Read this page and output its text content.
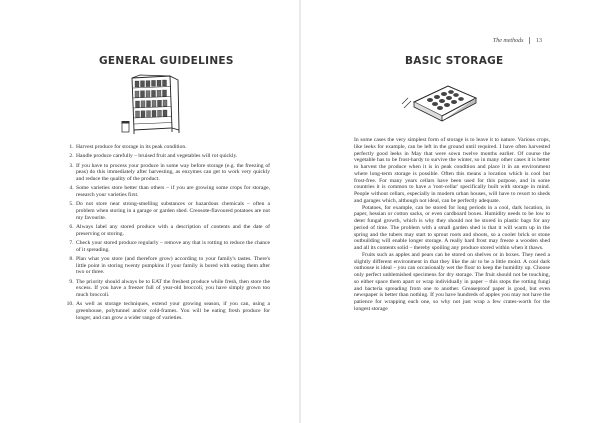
GENERAL GUIDELINES
1. Harvest produce for storage in its peak condition.
2. Handle produce carefully – bruised fruit and vegetables will rot quickly.
3. If you have to process your produce in some way before storage (e.g. the freezing of peas) do this immediately after harvesting, as enzymes can get to work very quickly and reduce the quality of the product.
4. Some varieties store better than others – if you are growing some crops for storage, research your varieties first.
5. Do not store near strong-smelling substances or hazardous chemicals – often a problem when storing in a garage or garden shed. Creosote-flavoured potatoes are not my favourite.
6. Always label any stored produce with a description of contents and the date of preserving or storing.
7. Check your stored produce regularly – remove any that is rotting to reduce the chance of it spreading.
8. Plan what you store (and therefore grow) according to your family's tastes. There's little point in storing twenty pumpkins if your family is bored with eating them after two or three.
9. The priority should always be to EAT the freshest produce while fresh, then store the excess. If you have a freezer full of year-old broccoli, you have simply grown too much broccoli.
10. As well as storage techniques, extend your growing season, if you can, using a greenhouse, polytunnel and/or cold-frames. You will be eating fresh produce for longer, and can grow a wider range of varieties.
The methods 13
BASIC STORAGE

In some cases the very simplest form of storage is to leave it to nature. Various crops, like leeks for example, can be left in the ground until required. I have often harvested perfectly good leeks in May that were sown twelve months earlier. Of course the vegetable has to be frost-hardy to survive the winter, so in many other cases it is better to harvest the produce when it is in peak condition and place it in an environment where long-term storage is possible. Often this means a location which is cool but frost-free. For many years cellars have been used for this purpose, and in some countries it is common to have a 'root-cellar' specifically built with storage in mind. People without cellars, especially in modern urban houses, will have to resort to sheds and garages which, although not ideal, can be perfectly adequate.

Potatoes, for example, can be stored for long periods in a cool, dark location, in paper, hessian or cotton sacks, or even cardboard boxes. Humidity needs to be low to deter fungal growth, which is why they should not be stored in plastic bags for any period of time. The problem with a small garden shed is that it will warm up in the spring and the tubers may start to sprout roots and shoots, so a cooler brick or stone outbuilding will enable longer storage. A really hard frost may freeze a wooden shed and all its contents solid – thereby spoiling any produce stored within when it thaws.

Fruits such as apples and pears can be stored on shelves or in boxes. They need a slightly different environment in that they like the air to be a little moist. A cool dark outhouse is ideal – you can occasionally wet the floor to keep the humidity up. Choose only perfect unblemished specimens for dry storage. The fruit should not be touching, so either space them apart or wrap individually in paper – this stops the rotting fungi and bacteria spreading from one to another. Greaseproof paper is good, but even newspaper is better than nothing. If you have hundreds of apples you may not have the patience for wrapping each one, so why not just wrap a few crates-worth for the longest storage
